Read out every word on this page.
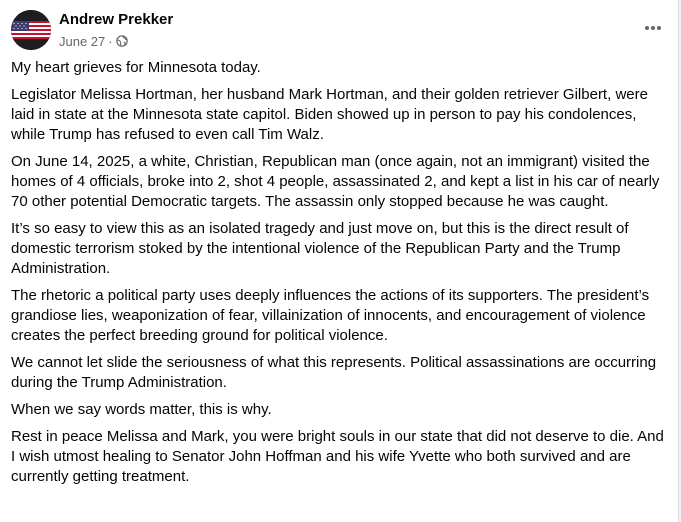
Andrew Prekker
June 27 ·

My heart grieves for Minnesota today.

Legislator Melissa Hortman, her husband Mark Hortman, and their golden retriever Gilbert, were laid in state at the Minnesota state capitol. Biden showed up in person to pay his condolences, while Trump has refused to even call Tim Walz.

On June 14, 2025, a white, Christian, Republican man (once again, not an immigrant) visited the homes of 4 officials, broke into 2, shot 4 people, assassinated 2, and kept a list in his car of nearly 70 other potential Democratic targets. The assassin only stopped because he was caught.

It’s so easy to view this as an isolated tragedy and just move on, but this is the direct result of domestic terrorism stoked by the intentional violence of the Republican Party and the Trump Administration.

The rhetoric a political party uses deeply influences the actions of its supporters. The president’s grandiose lies, weaponization of fear, villainization of innocents, and encouragement of violence creates the perfect breeding ground for political violence.

We cannot let slide the seriousness of what this represents. Political assassinations are occurring during the Trump Administration.

When we say words matter, this is why.

Rest in peace Melissa and Mark, you were bright souls in our state that did not deserve to die. And I wish utmost healing to Senator John Hoffman and his wife Yvette who both survived and are currently getting treatment.
